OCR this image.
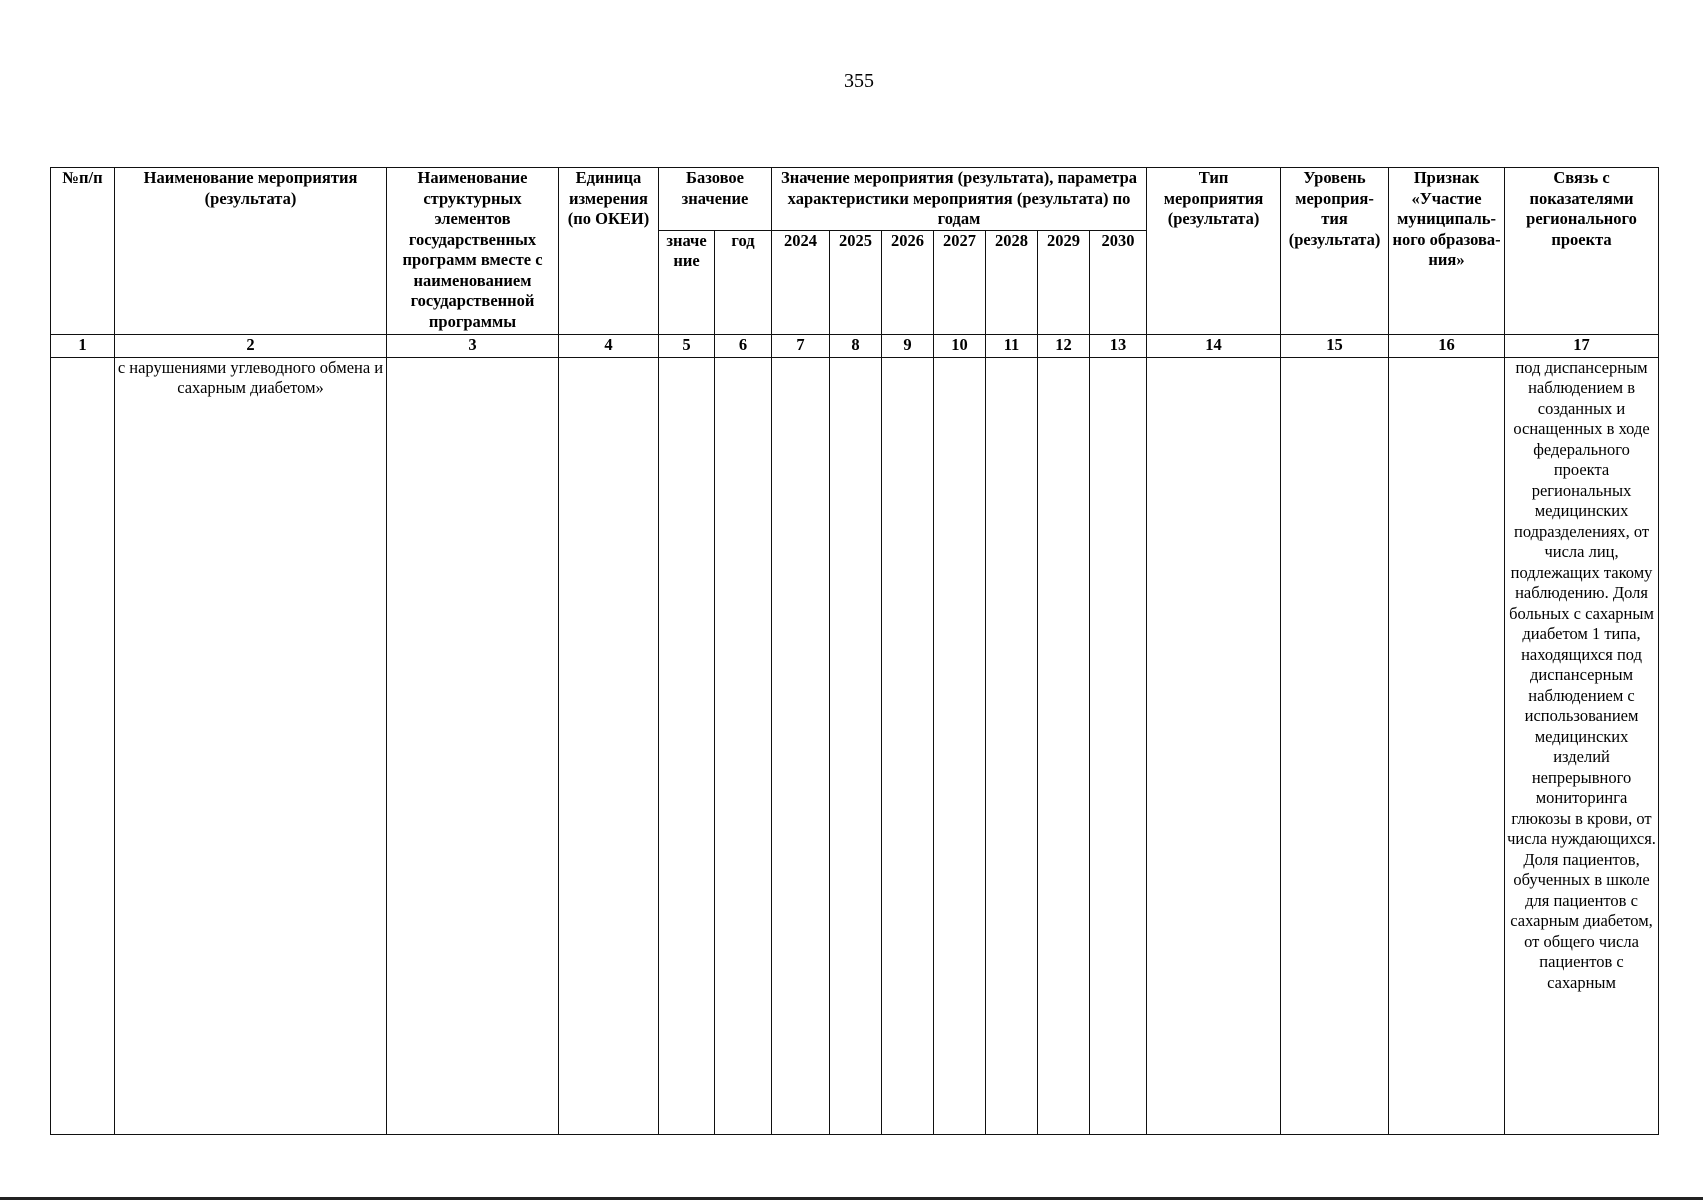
355
№п/п	Наименование мероприятия (результата)	Наименование структурных элементов государственных программ вместе с наименованием государственной программы	Единица измерения (по ОКЕИ)	Базовое значение		Значение мероприятия (результата), параметра характеристики мероприятия (результата) по годам							Тип мероприятия (результата)	Уровень мероприя- тия (результата)	Признак «Участие муниципаль- ного образова- ния»	Связь с показателями регионального проекта
				значе ние	год	2024	2025	2026	2027	2028	2029	2030				
1	2	3	4	5	6	7	8	9	10	11	12	13	14	15	16	17
	с нарушениями углеводного обмена и сахарным диабетом»															под диспансерным наблюдением в созданных и оснащенных в ходе федерального проекта региональных медицинских подразделениях, от числа лиц, подлежащих такому наблюдению. Доля больных с сахарным диабетом 1 типа, находящихся под диспансерным наблюдением с использованием медицинских изделий непрерывного мониторинга глюкозы в крови, от числа нуждающихся. Доля пациентов, обученных в школе для пациентов с сахарным диабетом, от общего числа пациентов с сахарным
